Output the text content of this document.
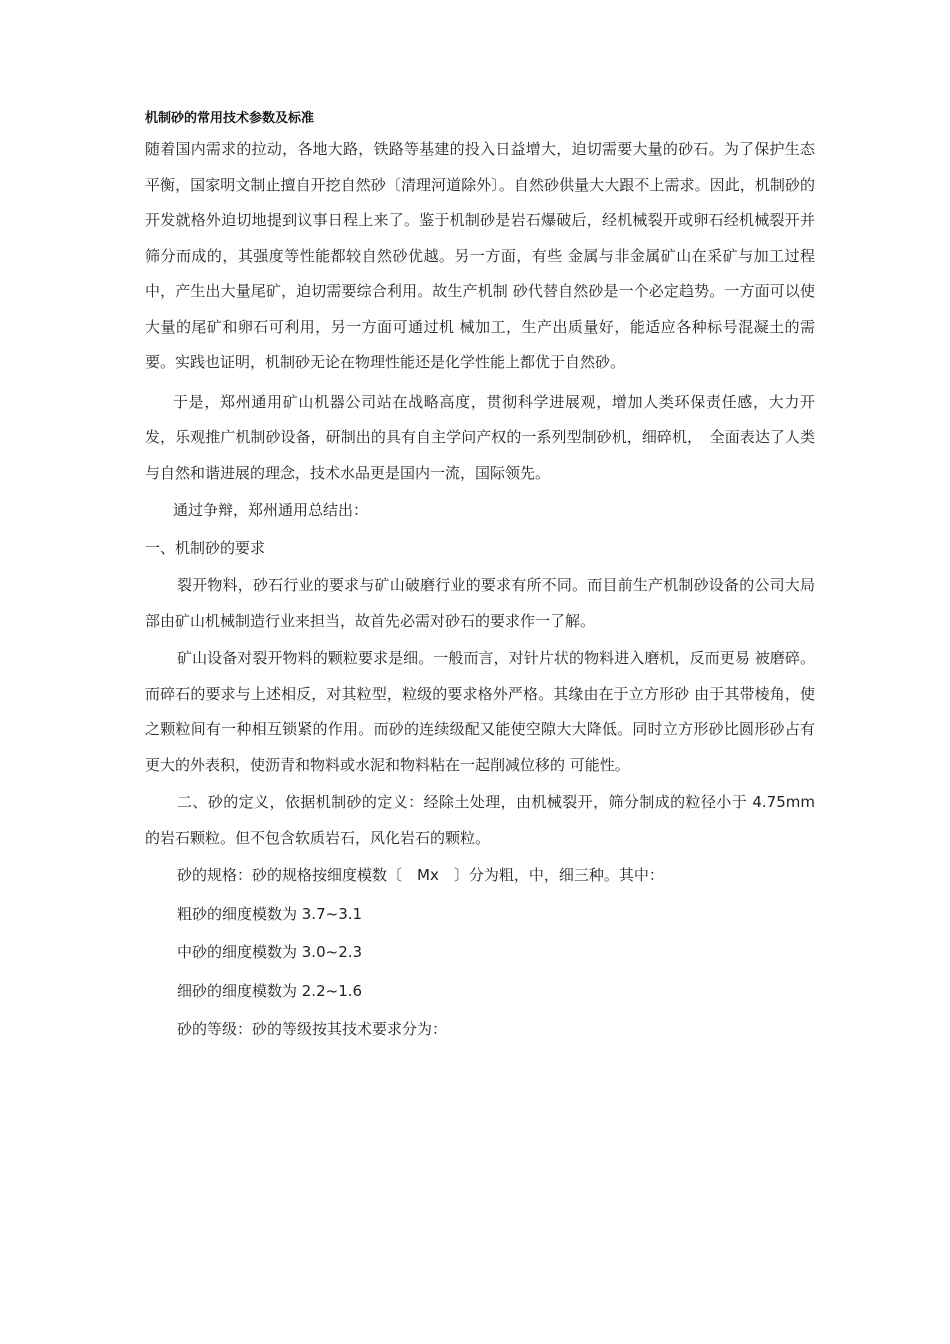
机制砂的常用技术参数及标准

随着国内需求的拉动，各地大路，铁路等基建的投入日益增大，迫切需要大量的砂石。为了保护生态平衡，国家明文制止擅自开挖自然砂〔清理河道除外〕。自然砂供量大大跟不上需求。因此，机制砂的开发就格外迫切地提到议事日程上来了。鉴于机制砂是岩石爆破后，经机械裂开或卵石经机械裂开并筛分而成的，其强度等性能都较自然砂优越。另一方面，有些 金属与非金属矿山在采矿与加工过程中，产生出大量尾矿，迫切需要综合利用。故生产机制 砂代替自然砂是一个必定趋势。一方面可以使大量的尾矿和卵石可利用，另一方面可通过机 械加工，生产出质量好，能适应各种标号混凝土的需要。实践也证明，机制砂无论在物理性能还是化学性能上都优于自然砂。

于是，郑州通用矿山机器公司站在战略高度，贯彻科学进展观，增加人类环保责任感，大力开发，乐观推广机制砂设备，研制出的具有自主学问产权的一系列型制砂机，细碎机，　全面表达了人类与自然和谐进展的理念，技术水品更是国内一流，国际领先。

通过争辩，郑州通用总结出：

一、机制砂的要求

裂开物料，砂石行业的要求与矿山破磨行业的要求有所不同。而目前生产机制砂设备的公司大局部由矿山机械制造行业来担当，故首先必需对砂石的要求作一了解。

矿山设备对裂开物料的颗粒要求是细。一般而言，对针片状的物料进入磨机，反而更易 被磨碎。而碎石的要求与上述相反，对其粒型，粒级的要求格外严格。其缘由在于立方形砂 由于其带棱角，使之颗粒间有一种相互锁紧的作用。而砂的连续级配又能使空隙大大降低。同时立方形砂比圆形砂占有更大的外表积，使沥青和物料或水泥和物料粘在一起削减位移的 可能性。

二、砂的定义，依据机制砂的定义：经除土处理，由机械裂开，筛分制成的粒径小于 4.75mm 的岩石颗粒。但不包含软质岩石，风化岩石的颗粒。

砂的规格：砂的规格按细度模数〔　Mx　〕分为粗，中，细三种。其中：

粗砂的细度模数为 3.7~3.1

中砂的细度模数为 3.0~2.3

细砂的细度模数为 2.2~1.6

砂的等级：砂的等级按其技术要求分为：
